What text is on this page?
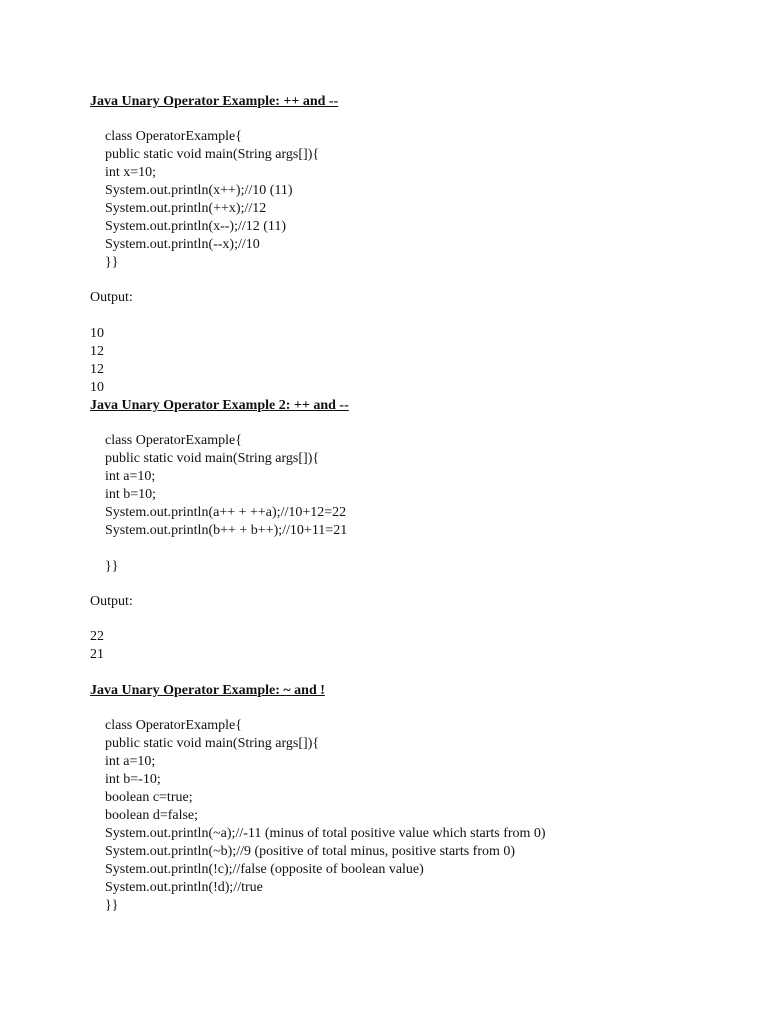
Java Unary Operator Example: ++ and --
class OperatorExample{
public static void main(String args[]){
int x=10;
System.out.println(x++);//10 (11)
System.out.println(++x);//12
System.out.println(x--);//12 (11)
System.out.println(--x);//10
}}
Output:
10
12
12
10
Java Unary Operator Example 2: ++ and --
class OperatorExample{
public static void main(String args[]){
int a=10;
int b=10;
System.out.println(a++ + ++a);//10+12=22
System.out.println(b++ + b++);//10+11=21
}}
Output:
22
21
Java Unary Operator Example: ~ and !
class OperatorExample{
public static void main(String args[]){
int a=10;
int b=-10;
boolean c=true;
boolean d=false;
System.out.println(~a);//-11 (minus of total positive value which starts from 0)
System.out.println(~b);//9 (positive of total minus, positive starts from 0)
System.out.println(!c);//false (opposite of boolean value)
System.out.println(!d);//true
}}
